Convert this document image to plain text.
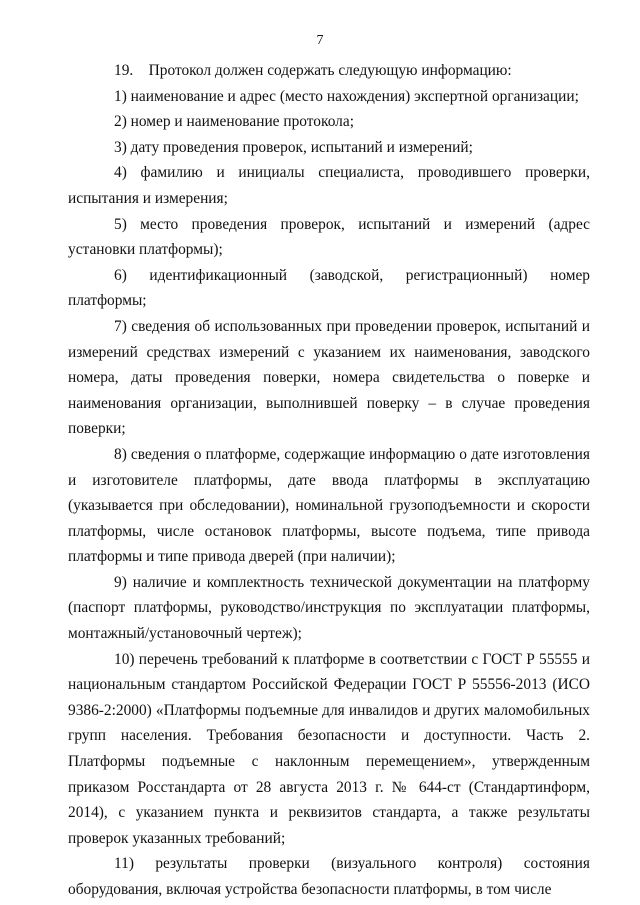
7

19. Протокол должен содержать следующую информацию:

1) наименование и адрес (место нахождения) экспертной организации;

2) номер и наименование протокола;

3) дату проведения проверок, испытаний и измерений;

4) фамилию и инициалы специалиста, проводившего проверки, испытания и измерения;

5) место проведения проверок, испытаний и измерений (адрес установки платформы);

6) идентификационный (заводской, регистрационный) номер платформы;

7) сведения об использованных при проведении проверок, испытаний и измерений средствах измерений с указанием их наименования, заводского номера, даты проведения поверки, номера свидетельства о поверке и наименования организации, выполнившей поверку – в случае проведения поверки;

8) сведения о платформе, содержащие информацию о дате изготовления и изготовителе платформы, дате ввода платформы в эксплуатацию (указывается при обследовании), номинальной грузоподъемности и скорости платформы, числе остановок платформы, высоте подъема, типе привода платформы и типе привода дверей (при наличии);

9) наличие и комплектность технической документации на платформу (паспорт платформы, руководство/инструкция по эксплуатации платформы, монтажный/установочный чертеж);

10) перечень требований к платформе в соответствии с ГОСТ Р 55555 и национальным стандартом Российской Федерации ГОСТ Р 55556-2013 (ИСО 9386-2:2000) «Платформы подъемные для инвалидов и других маломобильных групп населения. Требования безопасности и доступности. Часть 2. Платформы подъемные с наклонным перемещением», утвержденным приказом Росстандарта от 28 августа 2013 г. № 644-ст (Стандартинформ, 2014), с указанием пункта и реквизитов стандарта, а также результаты проверок указанных требований;

11) результаты проверки (визуального контроля) состояния оборудования, включая устройства безопасности платформы, в том числе
